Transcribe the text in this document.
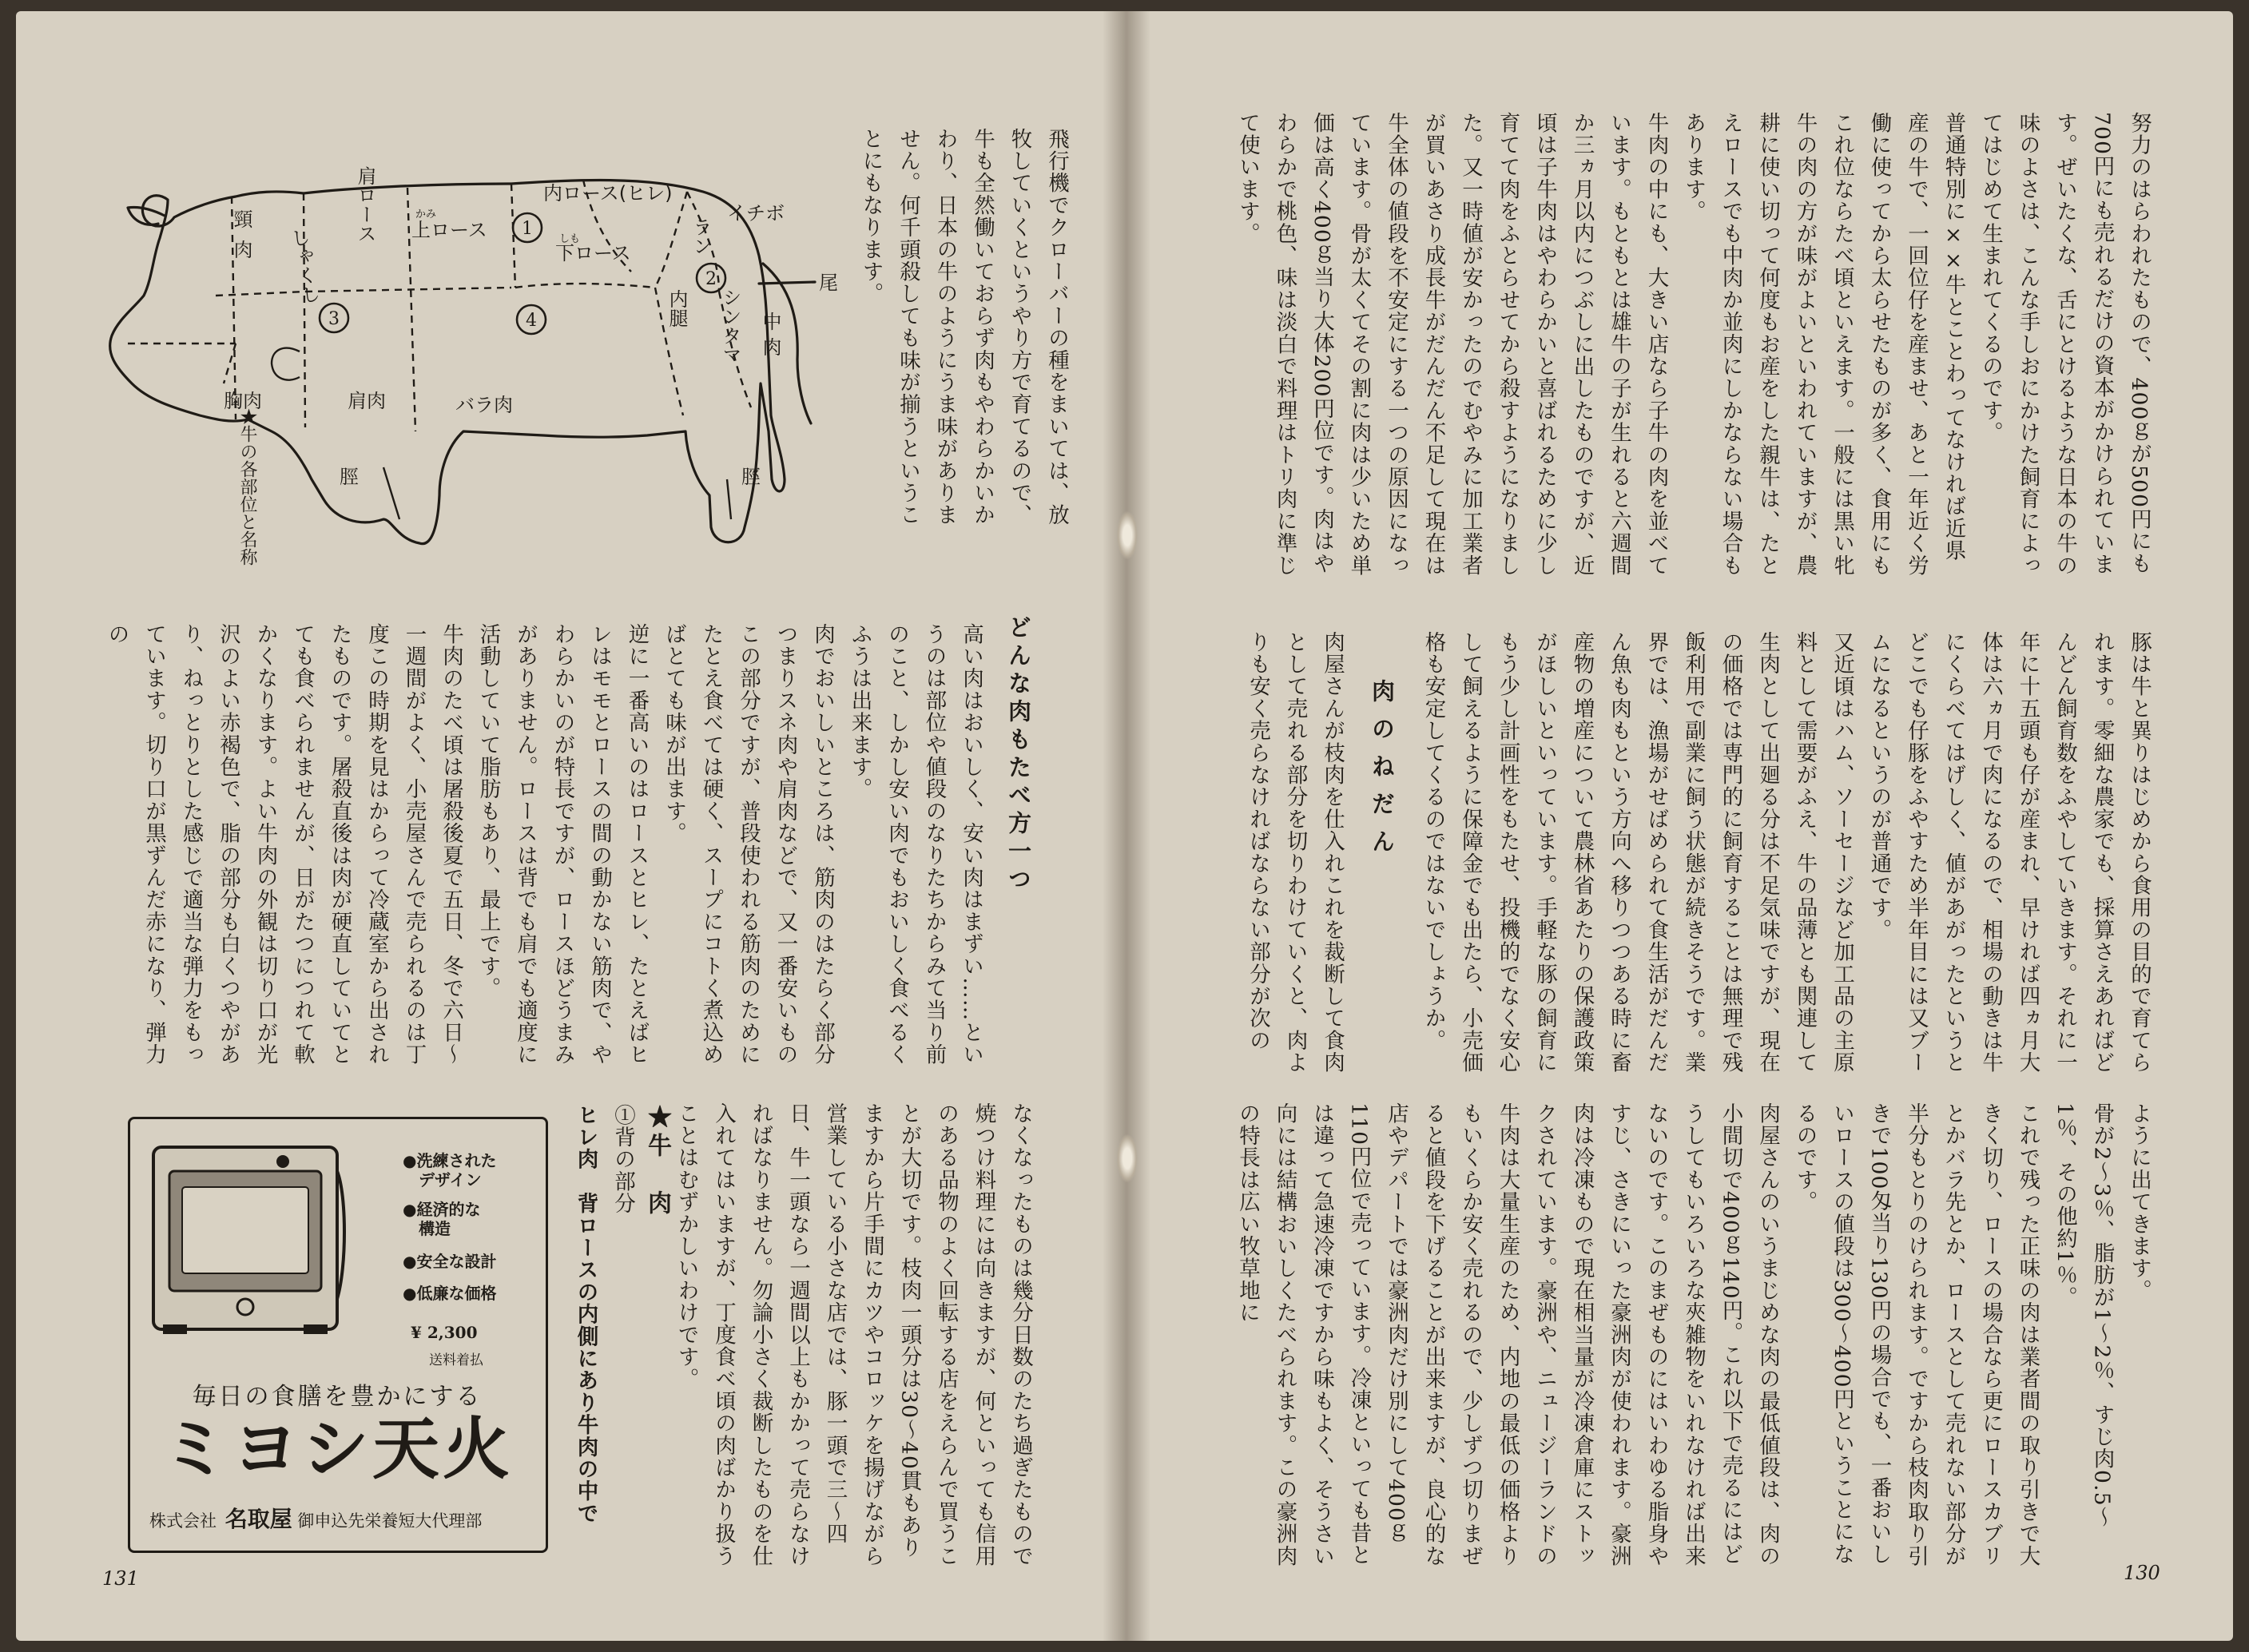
飛行機でクローバーの種をまいては、放牧していくというやり方で育てるので、牛も全然働いておらず肉もやわらかいかわり、日本の牛のようにうま味がありません。何千頭殺しても味が揃うということにもなります。

1
2
3	4
上ロース
かみ
内ロース(ヒレ)
下ロース
しも
イチボ
胸肉	肩肉	バラ肉
脛	脛
尾
肩ロース
頸肉 しゃくし	ラン
内腿 シンタマ 中肉
★牛の各部位と名称
どんな肉もたべ方一つ

高い肉はおいしく、安い肉はまずい……というのは部位や値段のなりたちからみて当り前のこと、しかし安い肉でもおいしく食べるくふうは出来ます。

肉でおいしいところは、筋肉のはたらく部分つまりスネ肉や肩肉などで、又一番安いものこの部分ですが、普段使われる筋肉のためにたとえ食べては硬く、スープにコトく煮込めばとても味が出ます。

逆に一番高いのはロースとヒレ、たとえばヒレはモモとロースの間の動かない筋肉で、やわらかいのが特長ですが、ロースほどうまみがありません。ロースは背でも肩でも適度に活動していて脂肪もあり、最上です。

牛肉のたべ頃は屠殺後夏で五日、冬で六日〜一週間がよく、小売屋さんで売られるのは丁度この時期を見はからって冷蔵室から出されたものです。屠殺直後は肉が硬直していてとても食べられませんが、日がたつにつれて軟かくなります。よい牛肉の外観は切り口が光沢のよい赤褐色で、脂の部分も白くつやがあり、ねっとりとした感じで適当な弾力をもっています。切り口が黒ずんだ赤になり、弾力の

なくなったものは幾分日数のたち過ぎたもので焼つけ料理には向きますが、何といっても信用のある品物のよく回転する店をえらんで買うことが大切です。枝肉一頭分は30〜40貫もありますから片手間にカツやコロッケを揚げながら営業している小さな店では、豚一頭で三〜四日、牛一頭なら一週間以上もかかって売らなければなりません。勿論小さく裁断したものを仕入れてはいますが、丁度食べ頃の肉ばかり扱うことはむずかしいわけです。

★牛　肉

①背の部分

ヒレ肉　背ロースの内側にあり牛肉の中で

●洗練された
　デザイン
●経済的な
　構造
●安全な設計
●低廉な価格
¥ 2,300
送料着払
毎日の食膳を豊かにする
ミヨシ天火
株式会社 名取屋 御申込先栄養短大代理部
131

努力のはらわれたもので、400ｇが500円にも700円にも売れるだけの資本がかけられています。ぜいたくな、舌にとけるような日本の牛の味のよさは、こんな手しおにかけた飼育によってはじめて生まれてくるのです。

普通特別に××牛とことわってなければ近県産の牛で、一回位仔を産ませ、あと一年近く労働に使ってから太らせたものが多く、食用にもこれ位ならたべ頃といえます。一般には黒い牝牛の肉の方が味がよいといわれていますが、農耕に使い切って何度もお産をした親牛は、たとえロースでも中肉か並肉にしかならない場合もあります。

牛肉の中にも、大きい店なら子牛の肉を並べています。もともとは雄牛の子が生れると六週間か三ヵ月以内につぶしに出したものですが、近頃は子牛肉はやわらかいと喜ばれるために少し育てて肉をふとらせてから殺すようになりました。又一時値が安かったのでむやみに加工業者が買いあさり成長牛がだんだん不足して現在は牛全体の値段を不安定にする一つの原因になっています。骨が太くてその割に肉は少いため単価は高く400ｇ当り大体200円位です。肉はやわらかで桃色、味は淡白で料理はトリ肉に準じて使います。

豚は牛と異りはじめから食用の目的で育てられます。零細な農家でも、採算さえあればどんどん飼育数をふやしていきます。それに一年に十五頭も仔が産まれ、早ければ四ヵ月大体は六ヵ月で肉になるので、相場の動きは牛にくらべてはげしく、値があがったというとどこでも仔豚をふやすため半年目には又ブームになるというのが普通です。

又近頃はハム、ソーセージなど加工品の主原料として需要がふえ、牛の品薄とも関連して生肉として出廻る分は不足気味ですが、現在の価格では専門的に飼育することは無理で残飯利用で副業に飼う状態が続きそうです。業界では、漁場がせばめられて食生活がだんだん魚も肉もという方向へ移りつつある時に畜産物の増産について農林省あたりの保護政策がほしいといっています。手軽な豚の飼育にもう少し計画性をもたせ、投機的でなく安心して飼えるように保障金でも出たら、小売価格も安定してくるのではないでしょうか。

肉のねだん

肉屋さんが枝肉を仕入れこれを裁断して食肉として売れる部分を切りわけていくと、肉よりも安く売らなければならない部分が次の

ように出てきます。

骨が2〜3％、脂肪が1〜2％、すじ肉0.5〜1％、その他約1％。

これで残った正味の肉は業者間の取り引きで大きく切り、ロースの場合なら更にロースカブリとかバラ先とか、ロースとして売れない部分が半分もとりのけられます。ですから枝肉取り引きで100匁当り130円の場合でも、一番おいしいロースの値段は300〜400円ということになるのです。

肉屋さんのいうまじめな肉の最低値段は、肉の小間切で400ｇ140円。これ以下で売るにはどうしてもいろいろな夾雑物をいれなければ出来ないのです。このまぜものにはいわゆる脂身やすじ、さきにいった豪洲肉が使われます。豪洲肉は冷凍もので現在相当量が冷凍倉庫にストックされています。豪洲や、ニュージーランドの牛肉は大量生産のため、内地の最低の価格よりもいくらか安く売れるので、少しずつ切りまぜると値段を下げることが出来ますが、良心的な店やデパートでは豪洲肉だけ別にして400ｇ110円位で売っています。冷凍といっても昔とは違って急速冷凍ですから味もよく、そうさい向には結構おいしくたべられます。この豪洲肉の特長は広い牧草地に

130
